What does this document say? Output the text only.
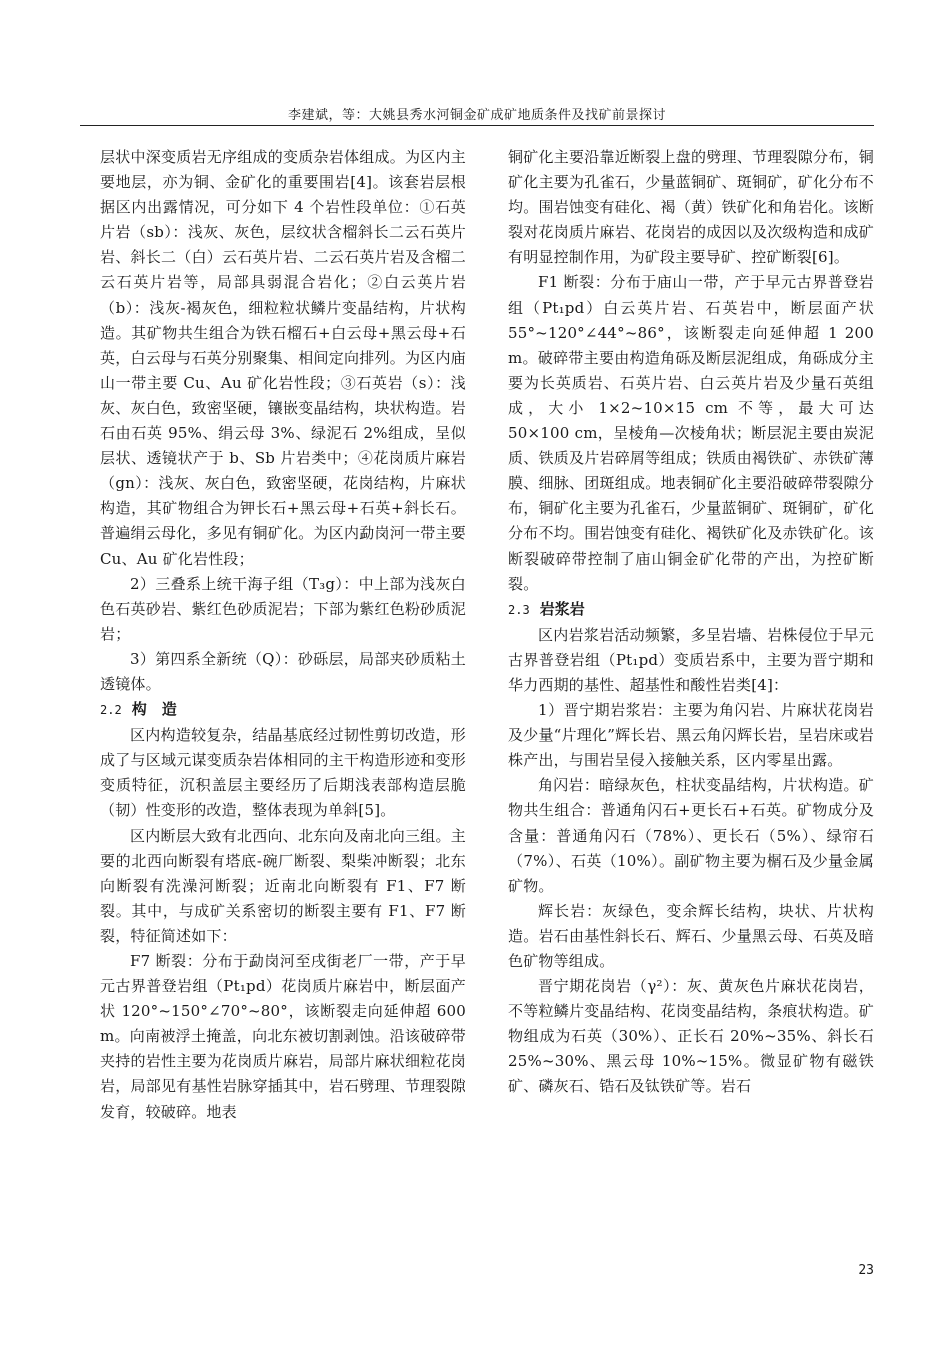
李建斌，等：大姚县秀水河铜金矿成矿地质条件及找矿前景探讨

层状中深变质岩无序组成的变质杂岩体组成。为区内主要地层，亦为铜、金矿化的重要围岩[4]。该套岩层根据区内出露情况，可分如下 4 个岩性段单位：①石英片岩（sb）：浅灰、灰色，层纹状含榴斜长二云石英片岩、斜长二（白）云石英片岩、二云石英片岩及含榴二云石英片岩等，局部具弱混合岩化；②白云英片岩（b）：浅灰-褐灰色，细粒粒状鳞片变晶结构，片状构造。其矿物共生组合为铁石榴石+白云母+黑云母+石英，白云母与石英分别聚集、相间定向排列。为区内庙山一带主要 Cu、Au 矿化岩性段；③石英岩（s）：浅灰、灰白色，致密坚硬，镶嵌变晶结构，块状构造。岩石由石英 95%、绢云母 3%、绿泥石 2%组成，呈似层状、透镜状产于 b、Sb 片岩类中；④花岗质片麻岩（gn）：浅灰、灰白色，致密坚硬，花岗结构，片麻状构造，其矿物组合为钾长石+黑云母+石英+斜长石。普遍绢云母化，多见有铜矿化。为区内勐岗河一带主要 Cu、Au 矿化岩性段；

2）三叠系上统干海子组（T₃g）：中上部为浅灰白色石英砂岩、紫红色砂质泥岩；下部为紫红色粉砂质泥岩；

3）第四系全新统（Q）：砂砾层，局部夹砂质粘土透镜体。

2.2 构　造

区内构造较复杂，结晶基底经过韧性剪切改造，形成了与区域元谋变质杂岩体相同的主干构造形迹和变形变质特征，沉积盖层主要经历了后期浅表部构造层脆（韧）性变形的改造，整体表现为单斜[5]。

区内断层大致有北西向、北东向及南北向三组。主要的北西向断裂有塔底-碗厂断裂、梨柴冲断裂；北东向断裂有洗澡河断裂；近南北向断裂有 F1、F7 断裂。其中，与成矿关系密切的断裂主要有 F1、F7 断裂，特征简述如下：

F7 断裂：分布于勐岗河至戌街老厂一带，产于早元古界普登岩组（Pt₁pd）花岗质片麻岩中，断层面产状 120°~150°∠70°~80°，该断裂走向延伸超 600 m。向南被浮土掩盖，向北东被切割剥蚀。沿该破碎带夹持的岩性主要为花岗质片麻岩，局部片麻状细粒花岗岩，局部见有基性岩脉穿插其中，岩石劈理、节理裂隙发育，较破碎。地表

铜矿化主要沿靠近断裂上盘的劈理、节理裂隙分布，铜矿化主要为孔雀石，少量蓝铜矿、斑铜矿，矿化分布不均。围岩蚀变有硅化、褐（黄）铁矿化和角岩化。该断裂对花岗质片麻岩、花岗岩的成因以及次级构造和成矿有明显控制作用，为矿段主要导矿、控矿断裂[6]。

F1 断裂：分布于庙山一带，产于早元古界普登岩组（Pt₁pd）白云英片岩、石英岩中，断层面产状 55°~120°∠44°~86°，该断裂走向延伸超 1 200 m。破碎带主要由构造角砾及断层泥组成，角砾成分主要为长英质岩、石英片岩、白云英片岩及少量石英组成，大小 1×2~10×15 cm 不等，最大可达 50×100 cm，呈棱角—次棱角状；断层泥主要由炭泥质、铁质及片岩碎屑等组成；铁质由褐铁矿、赤铁矿薄膜、细脉、团斑组成。地表铜矿化主要沿破碎带裂隙分布，铜矿化主要为孔雀石，少量蓝铜矿、斑铜矿，矿化分布不均。围岩蚀变有硅化、褐铁矿化及赤铁矿化。该断裂破碎带控制了庙山铜金矿化带的产出，为控矿断裂。

2.3 岩浆岩

区内岩浆岩活动频繁，多呈岩墙、岩株侵位于早元古界普登岩组（Pt₁pd）变质岩系中，主要为晋宁期和华力西期的基性、超基性和酸性岩类[4]：

1）晋宁期岩浆岩：主要为角闪岩、片麻状花岗岩及少量“片理化”辉长岩、黑云角闪辉长岩，呈岩床或岩株产出，与围岩呈侵入接触关系，区内零星出露。

角闪岩：暗绿灰色，柱状变晶结构，片状构造。矿物共生组合：普通角闪石+更长石+石英。矿物成分及含量：普通角闪石（78%）、更长石（5%）、绿帘石（7%）、石英（10%）。副矿物主要为榍石及少量金属矿物。

辉长岩：灰绿色，变余辉长结构，块状、片状构造。岩石由基性斜长石、辉石、少量黑云母、石英及暗色矿物等组成。

晋宁期花岗岩（γ²）：灰、黄灰色片麻状花岗岩，不等粒鳞片变晶结构、花岗变晶结构，条痕状构造。矿物组成为石英（30%）、正长石 20%~35%、斜长石 25%~30%、黑云母 10%~15%。微显矿物有磁铁矿、磷灰石、锆石及钛铁矿等。岩石

23
